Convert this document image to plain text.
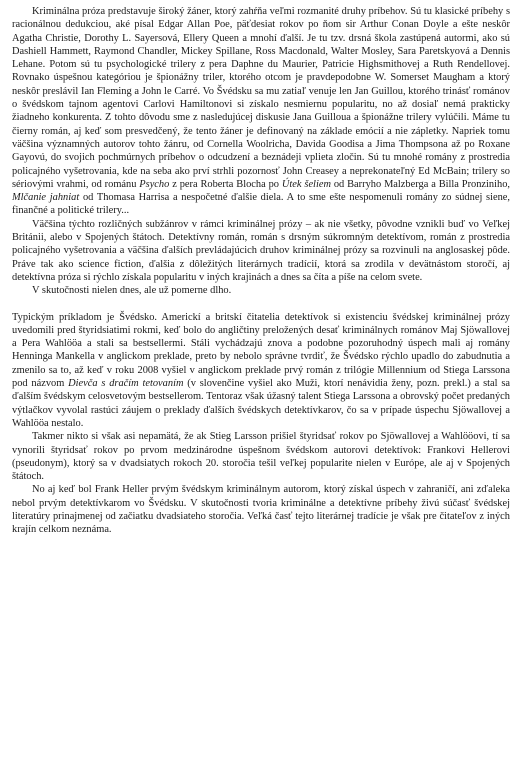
Kriminálna próza predstavuje široký žáner, ktorý zahŕňa veľmi rozmanité druhy príbehov. Sú tu klasické príbehy s racionálnou dedukciou, aké písal Edgar Allan Poe, päťdesiat rokov po ňom sir Arthur Conan Doyle a ešte neskôr Agatha Christie, Dorothy L. Sayersová, Ellery Queen a mnohí ďalší. Je tu tzv. drsná škola zastúpená autormi, ako sú Dashiell Hammett, Raymond Chandler, Mickey Spillane, Ross Macdonald, Walter Mosley, Sara Paretskyová a Dennis Lehane. Potom sú tu psychologické trilery z pera Daphne du Maurier, Patricie Highsmithovej a Ruth Rendellovej. Rovnako úspešnou kategóriou je špionážny triler, ktorého otcom je pravdepodobne W. Somerset Maugham a ktorý neskôr preslávil Ian Fleming a John le Carré. Vo Švédsku sa mu zatiaľ venuje len Jan Guillou, ktorého trinásť románov o švédskom tajnom agentovi Carlovi Hamiltonovi si získalo nesmiernu popularitu, no až dosiaľ nemá prakticky žiadneho konkurenta. Z tohto dôvodu sme z nasledujúcej diskusie Jana Guilloua a špionážne trilery vylúčili. Máme tu čierny román, aj keď som presvedčený, že tento žáner je definovaný na základe emócií a nie zápletky. Napriek tomu väčšina významných autorov tohto žánru, od Cornella Woolricha, Davida Goodisa a Jima Thompsona až po Roxane Gayovú, do svojich pochmúrnych príbehov o odcudzení a beznádeji vplieta zločin. Sú tu mnohé romány z prostredia policajného vyšetrovania, kde na seba ako prví strhli pozornosť John Creasey a neprekonateľný Ed McBain; trilery so sériovými vrahmi, od románu Psycho z pera Roberta Blocha po Útek šeliem od Barryho Malzberga a Billa Pronziniho, Mlčanie jahniat od Thomasa Harrisa a nespočetné ďalšie diela. A to sme ešte nespomenuli romány zo súdnej siene, finančné a politické trilery...

Väčšina týchto rozličných subžánrov v rámci kriminálnej prózy – ak nie všetky, pôvodne vznikli buď vo Veľkej Británii, alebo v Spojených štátoch. Detektívny román, román s drsným súkromným detektívom, román z prostredia policajného vyšetrovania a väčšina ďalších prevládajúcich druhov kriminálnej prózy sa rozvinuli na anglosaskej pôde. Práve tak ako science fiction, ďalšia z dôležitých literárnych tradícií, ktorá sa zrodila v devätnástom storočí, aj detektívna próza si rýchlo získala popularitu v iných krajinách a dnes sa číta a píše na celom svete.

V skutočnosti nielen dnes, ale už pomerne dlho.

Typickým príkladom je Švédsko. Americkí a britskí čitatelia detektívok si existenciu švédskej kriminálnej prózy uvedomili pred štyridsiatimi rokmi, keď bolo do angličtiny preložených desať kriminálnych románov Maj Sjöwallovej a Pera Wahlööa a stali sa bestsellermi. Stáli vychádzajú znova a podobne pozoruhodný úspech mali aj romány Henningа Mankella v anglickom preklade, preto by nebolo správne tvrdiť, že Švédsko rýchlo upadlo do zabudnutia a zmenilo sa to, až keď v roku 2008 vyšiel v anglickom preklade prvý román z trilógie Millennium od Stiega Larssona pod názvom Dievča s dračím tetovaním (v slovenčine vyšiel ako Muži, ktorí nenávidia ženy, pozn. prekl.) a stal sa ďalším švédskym celosvetovým bestsellerom. Tentoraz však úžasný talent Stiega Larssona a obrovský počet predaných výtlačkov vyvolal rastúci záujem o preklady ďalších švédskych detektívkarov, čo sa v prípade úspechu Sjöwallovej a Wahlööa nestalo.

Takmer nikto si však asi nepamätá, že ak Stieg Larsson prišiel štyridsať rokov po Sjöwallovej a Wahlööovi, tí sa vynorili štyridsať rokov po prvom medzinárodne úspešnom švédskom autorovi detektívok: Frankovi Hellerovi (pseudonym), ktorý sa v dvadsiatych rokoch 20. storočia tešil veľkej popularite nielen v Európe, ale aj v Spojených štátoch.

No aj keď bol Frank Heller prvým švédskym kriminálnym autorom, ktorý získal úspech v zahraničí, ani zďaleka nebol prvým detektívkarom vo Švédsku. V skutočnosti tvoria kriminálne a detektívne príbehy živú súčasť švédskej literatúry prinajmenej od začiatku dvadsiateho storočia. Veľká časť tejto literárnej tradície je však pre čitateľov z iných krajín celkom neznáma.
